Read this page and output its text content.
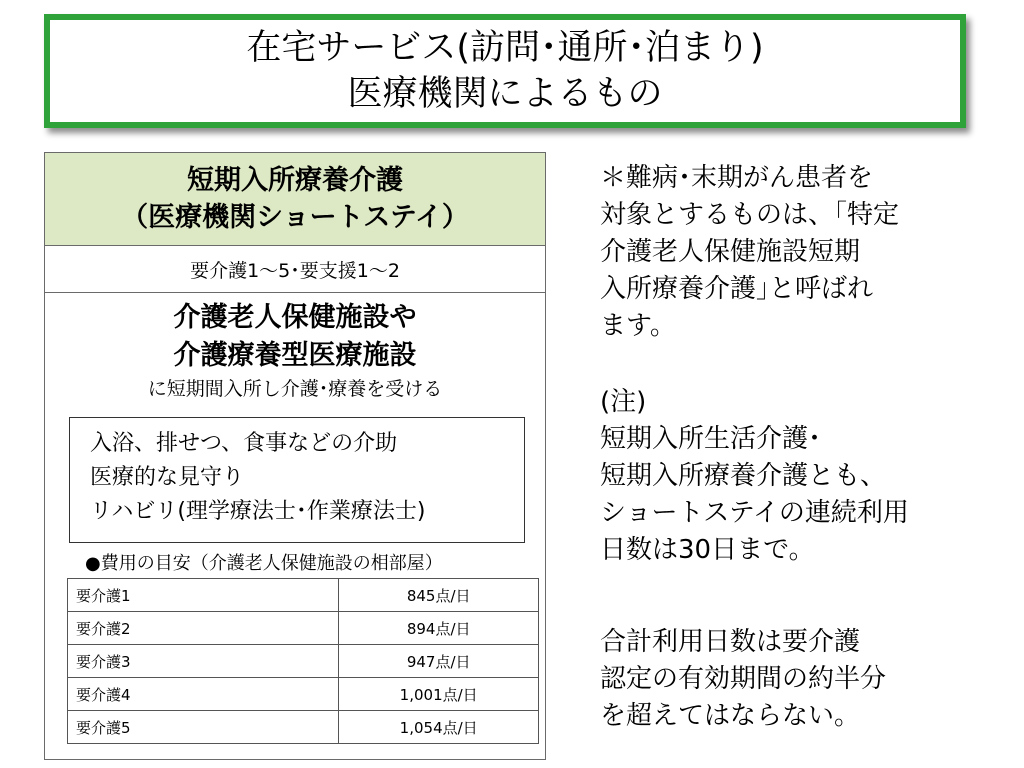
在宅サービス(訪問･通所･泊まり)
医療機関によるもの
短期入所療養介護
（医療機関ショートステイ）
要介護1～5･要支援1～2
介護老人保健施設や
介護療養型医療施設
に短期間入所し介護･療養を受ける
入浴、排せつ、食事などの介助
医療的な見守り
リハビリ(理学療法士･作業療法士)
●費用の目安（介護老人保健施設の相部屋）
要介護1	845点/日
要介護2	894点/日
要介護3	947点/日
要介護4	1,001点/日
要介護5	1,054点/日
＊難病･末期がん患者を
対象とするものは、｢特定
介護老人保健施設短期
入所療養介護｣と呼ばれ
ます。
(注)
短期入所生活介護･
短期入所療養介護とも、
ショートステイの連続利用
日数は30日まで。
合計利用日数は要介護
認定の有効期間の約半分
を超えてはならない。
